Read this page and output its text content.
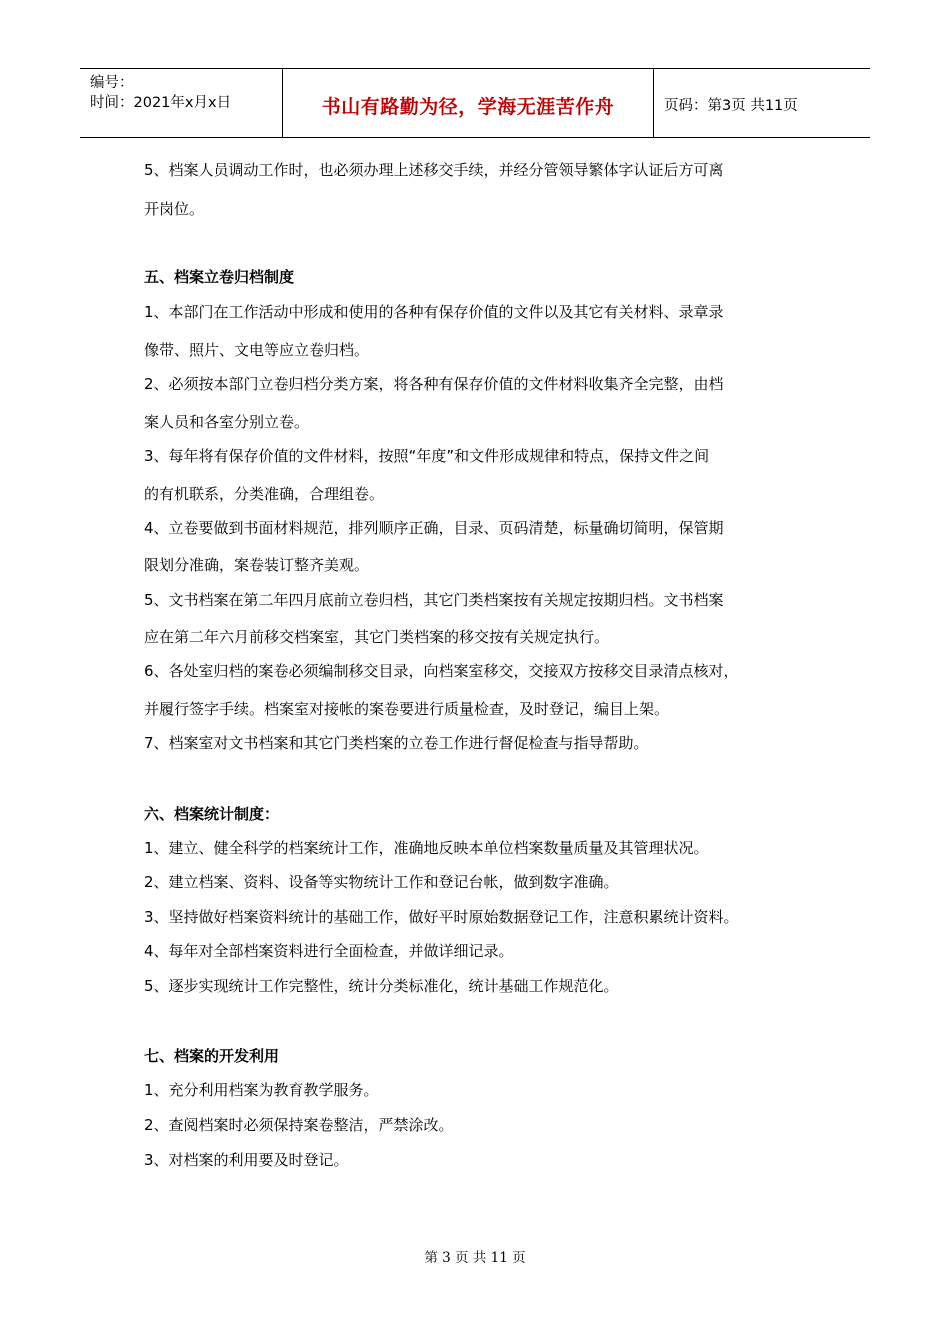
编号：
时间：2021年x月x日	书山有路勤为径，学海无涯苦作舟	页码：第3页 共11页
5、档案人员调动工作时，也必须办理上述移交手续，并经分管领导繁体字认证后方可离
开岗位。
五、档案立卷归档制度
1、本部门在工作活动中形成和使用的各种有保存价值的文件以及其它有关材料、录章录
像带、照片、文电等应立卷归档。
2、必须按本部门立卷归档分类方案，将各种有保存价值的文件材料收集齐全完整，由档
案人员和各室分别立卷。
3、每年将有保存价值的文件材料，按照“年度”和文件形成规律和特点，保持文件之间
的有机联系，分类准确，合理组卷。
4、立卷要做到书面材料规范，排列顺序正确，目录、页码清楚，标量确切简明，保管期
限划分准确，案卷装订整齐美观。
5、文书档案在第二年四月底前立卷归档，其它门类档案按有关规定按期归档。文书档案
应在第二年六月前移交档案室，其它门类档案的移交按有关规定执行。
6、各处室归档的案卷必须编制移交目录，向档案室移交，交接双方按移交目录清点核对，
并履行签字手续。档案室对接帐的案卷要进行质量检查，及时登记，编目上架。
7、档案室对文书档案和其它门类档案的立卷工作进行督促检查与指导帮助。
六、档案统计制度：
1、建立、健全科学的档案统计工作，准确地反映本单位档案数量质量及其管理状况。
2、建立档案、资料、设备等实物统计工作和登记台帐，做到数字准确。
3、坚持做好档案资料统计的基础工作，做好平时原始数据登记工作，注意积累统计资料。
4、每年对全部档案资料进行全面检查，并做详细记录。
5、逐步实现统计工作完整性，统计分类标准化，统计基础工作规范化。
七、档案的开发利用
1、充分利用档案为教育教学服务。
2、查阅档案时必须保持案卷整洁，严禁涂改。
3、对档案的利用要及时登记。
第 3 页 共 11 页
